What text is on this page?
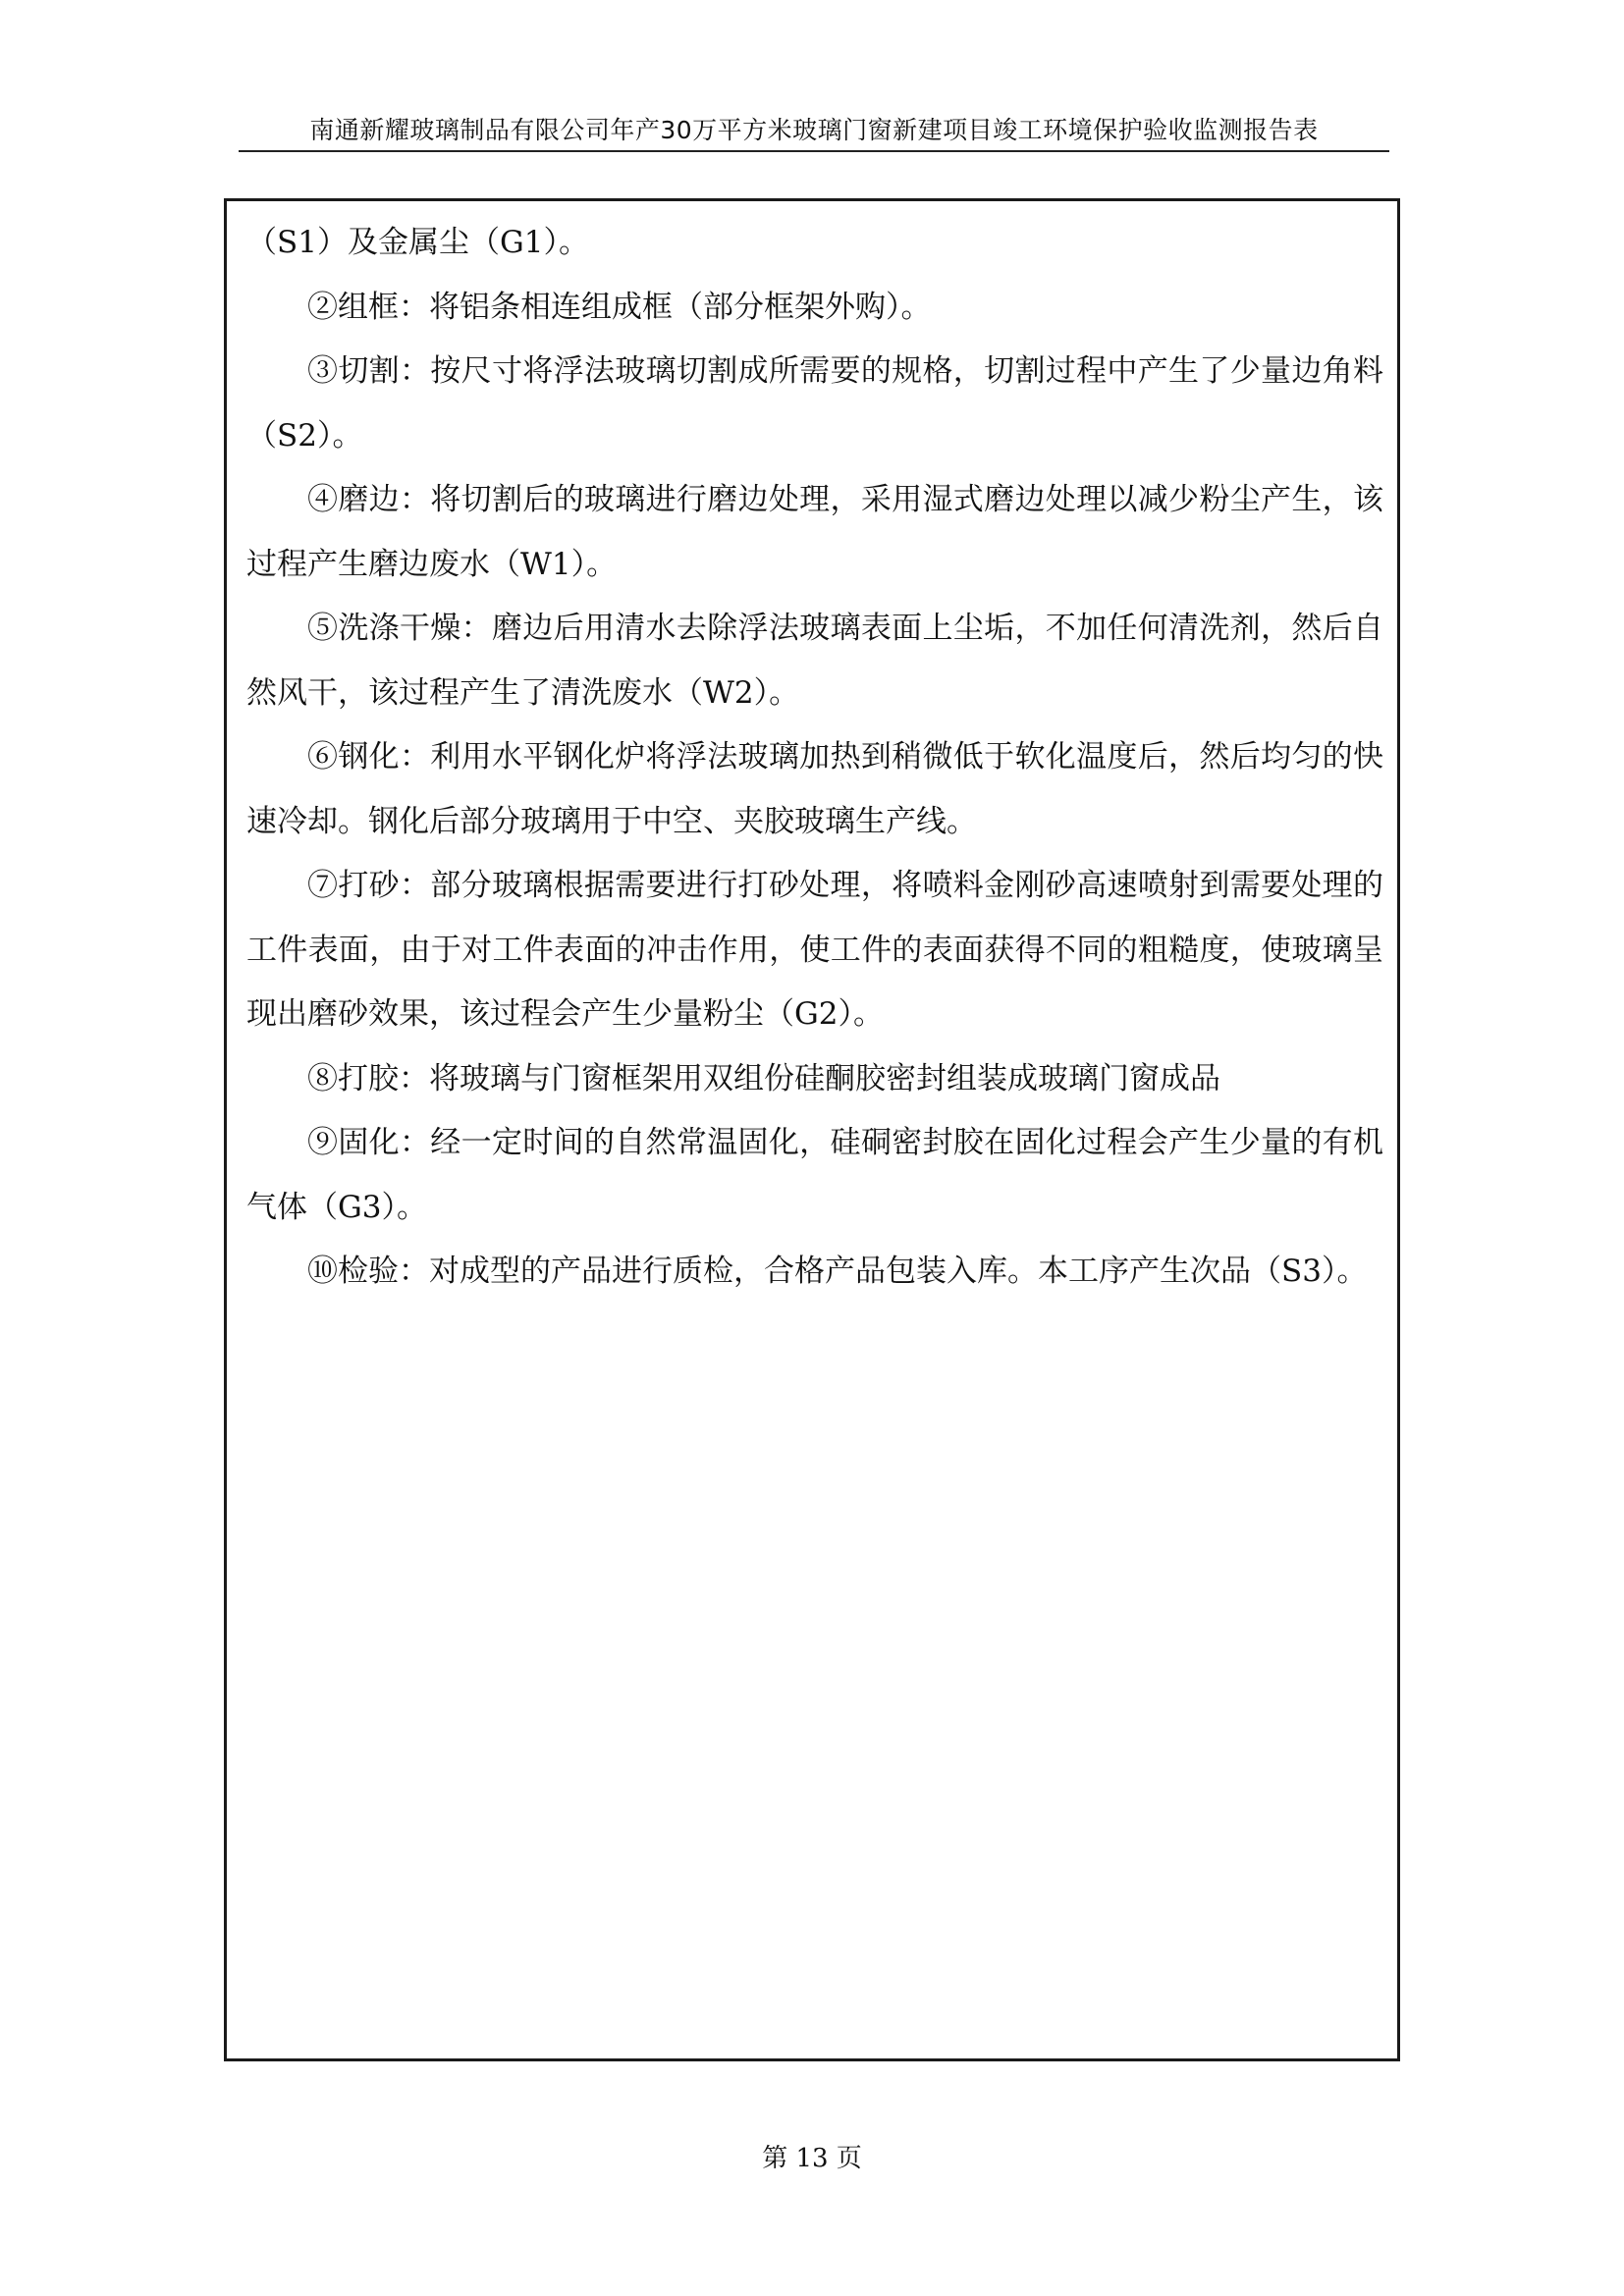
南通新耀玻璃制品有限公司年产30万平方米玻璃门窗新建项目竣工环境保护验收监测报告表

（S1）及金属尘（G1）。

②组框：将铝条相连组成框（部分框架外购）。

③切割：按尺寸将浮法玻璃切割成所需要的规格，切割过程中产生了少量边角料（S2）。

④磨边：将切割后的玻璃进行磨边处理，采用湿式磨边处理以减少粉尘产生，该过程产生磨边废水（W1）。

⑤洗涤干燥：磨边后用清水去除浮法玻璃表面上尘垢，不加任何清洗剂，然后自然风干，该过程产生了清洗废水（W2）。

⑥钢化：利用水平钢化炉将浮法玻璃加热到稍微低于软化温度后，然后均匀的快速冷却。钢化后部分玻璃用于中空、夹胶玻璃生产线。

⑦打砂：部分玻璃根据需要进行打砂处理，将喷料金刚砂高速喷射到需要处理的工件表面，由于对工件表面的冲击作用，使工件的表面获得不同的粗糙度，使玻璃呈现出磨砂效果，该过程会产生少量粉尘（G2）。

⑧打胶：将玻璃与门窗框架用双组份硅酮胶密封组装成玻璃门窗成品

⑨固化：经一定时间的自然常温固化，硅硐密封胶在固化过程会产生少量的有机气体（G3）。

⑩检验：对成型的产品进行质检，合格产品包装入库。本工序产生次品（S3）。

第 13 页
